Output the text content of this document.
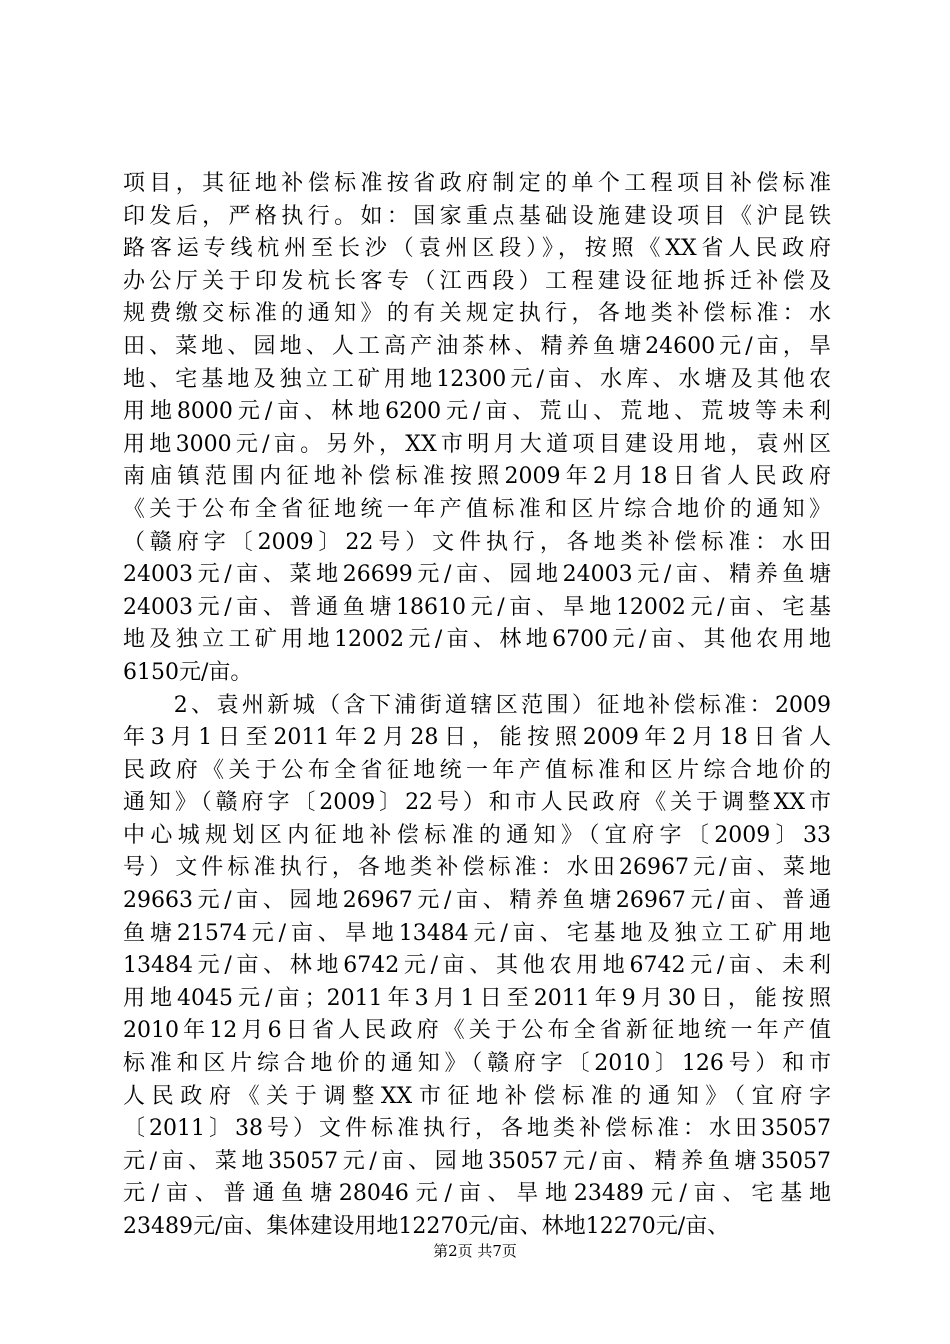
项目，其征地补偿标准按省政府制定的单个工程项目补偿标准
印发后，严格执行。如：国家重点基础设施建设项目《沪昆铁
路客运专线杭州至长沙（袁州区段）》，按照《XX省人民政府
办公厅关于印发杭长客专（江西段）工程建设征地拆迁补偿及
规费缴交标准的通知》的有关规定执行，各地类补偿标准：水
田、菜地、园地、人工高产油茶林、精养鱼塘24600元/亩，旱
地、宅基地及独立工矿用地12300元/亩、水库、水塘及其他农
用地8000元/亩、林地6200元/亩、荒山、荒地、荒坡等未利
用地3000元/亩。另外，XX市明月大道项目建设用地，袁州区
南庙镇范围内征地补偿标准按照2009年2月18日省人民政府
《关于公布全省征地统一年产值标准和区片综合地价的通知》
（赣府字〔2009〕22号）文件执行，各地类补偿标准：水田
24003元/亩、菜地26699元/亩、园地24003元/亩、精养鱼塘
24003元/亩、普通鱼塘18610元/亩、旱地12002元/亩、宅基
地及独立工矿用地12002元/亩、林地6700元/亩、其他农用地
6150元/亩。
　　2、袁州新城（含下浦街道辖区范围）征地补偿标准：2009
年3月1日至2011年2月28日，能按照2009年2月18日省人
民政府《关于公布全省征地统一年产值标准和区片综合地价的
通知》（赣府字〔2009〕22号）和市人民政府《关于调整XX市
中心城规划区内征地补偿标准的通知》（宜府字〔2009〕33
号）文件标准执行，各地类补偿标准：水田26967元/亩、菜地
29663元/亩、园地26967元/亩、精养鱼塘26967元/亩、普通
鱼塘21574元/亩、旱地13484元/亩、宅基地及独立工矿用地
13484元/亩、林地6742元/亩、其他农用地6742元/亩、未利
用地4045元/亩；2011年3月1日至2011年9月30日，能按照
2010年12月6日省人民政府《关于公布全省新征地统一年产值
标准和区片综合地价的通知》（赣府字〔2010〕126号）和市
人民政府《关于调整XX市征地补偿标准的通知》（宜府字
〔2011〕38号）文件标准执行，各地类补偿标准：水田35057
元/亩、菜地35057元/亩、园地35057元/亩、精养鱼塘35057
元/亩、普通鱼塘28046元/亩、旱地23489元/亩、宅基地
23489元/亩、集体建设用地12270元/亩、林地12270元/亩、
第2页 共7页
